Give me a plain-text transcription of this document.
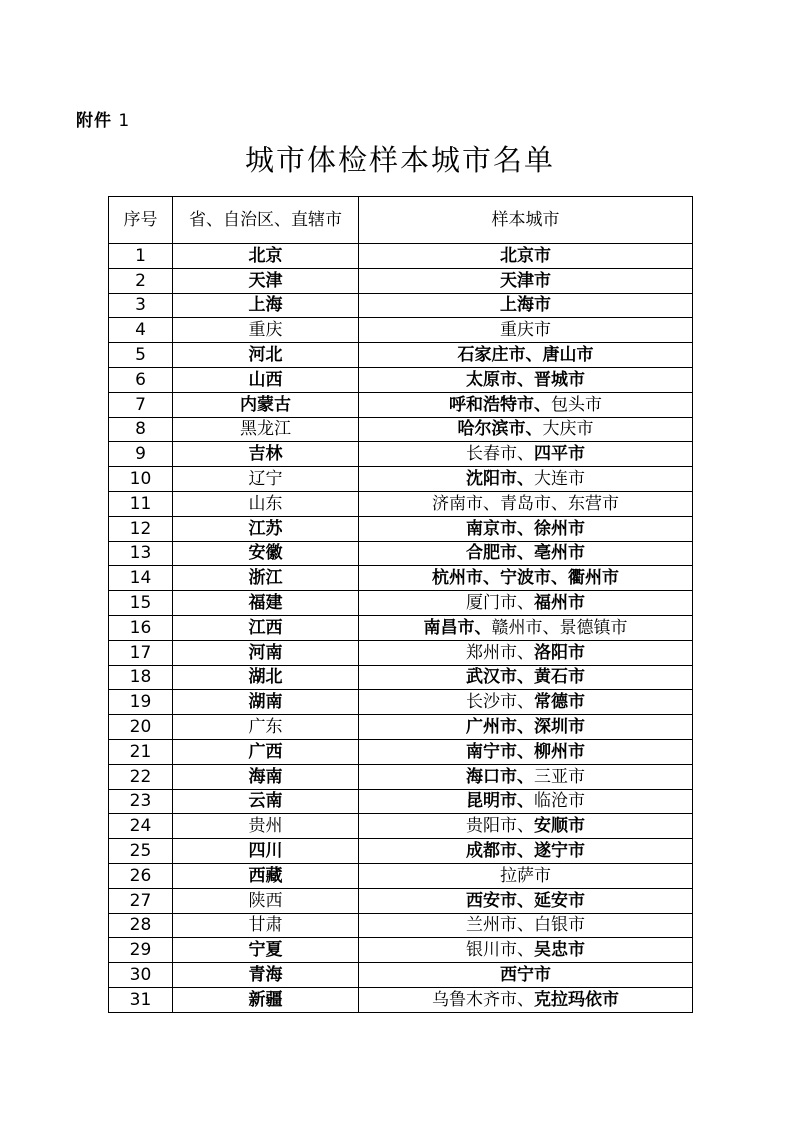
附件 1
城市体检样本城市名单
序号	省、自治区、直辖市	样本城市
1	北京	北京市
2	天津	天津市
3	上海	上海市
4	重庆	重庆市
5	河北	石家庄市、唐山市
6	山西	太原市、晋城市
7	内蒙古	呼和浩特市、包头市
8	黑龙江	哈尔滨市、大庆市
9	吉林	长春市、四平市
10	辽宁	沈阳市、大连市
11	山东	济南市、青岛市、东营市
12	江苏	南京市、徐州市
13	安徽	合肥市、亳州市
14	浙江	杭州市、宁波市、衢州市
15	福建	厦门市、福州市
16	江西	南昌市、赣州市、景德镇市
17	河南	郑州市、洛阳市
18	湖北	武汉市、黄石市
19	湖南	长沙市、常德市
20	广东	广州市、深圳市
21	广西	南宁市、柳州市
22	海南	海口市、三亚市
23	云南	昆明市、临沧市
24	贵州	贵阳市、安顺市
25	四川	成都市、遂宁市
26	西藏	拉萨市
27	陕西	西安市、延安市
28	甘肃	兰州市、白银市
29	宁夏	银川市、吴忠市
30	青海	西宁市
31	新疆	乌鲁木齐市、克拉玛依市
